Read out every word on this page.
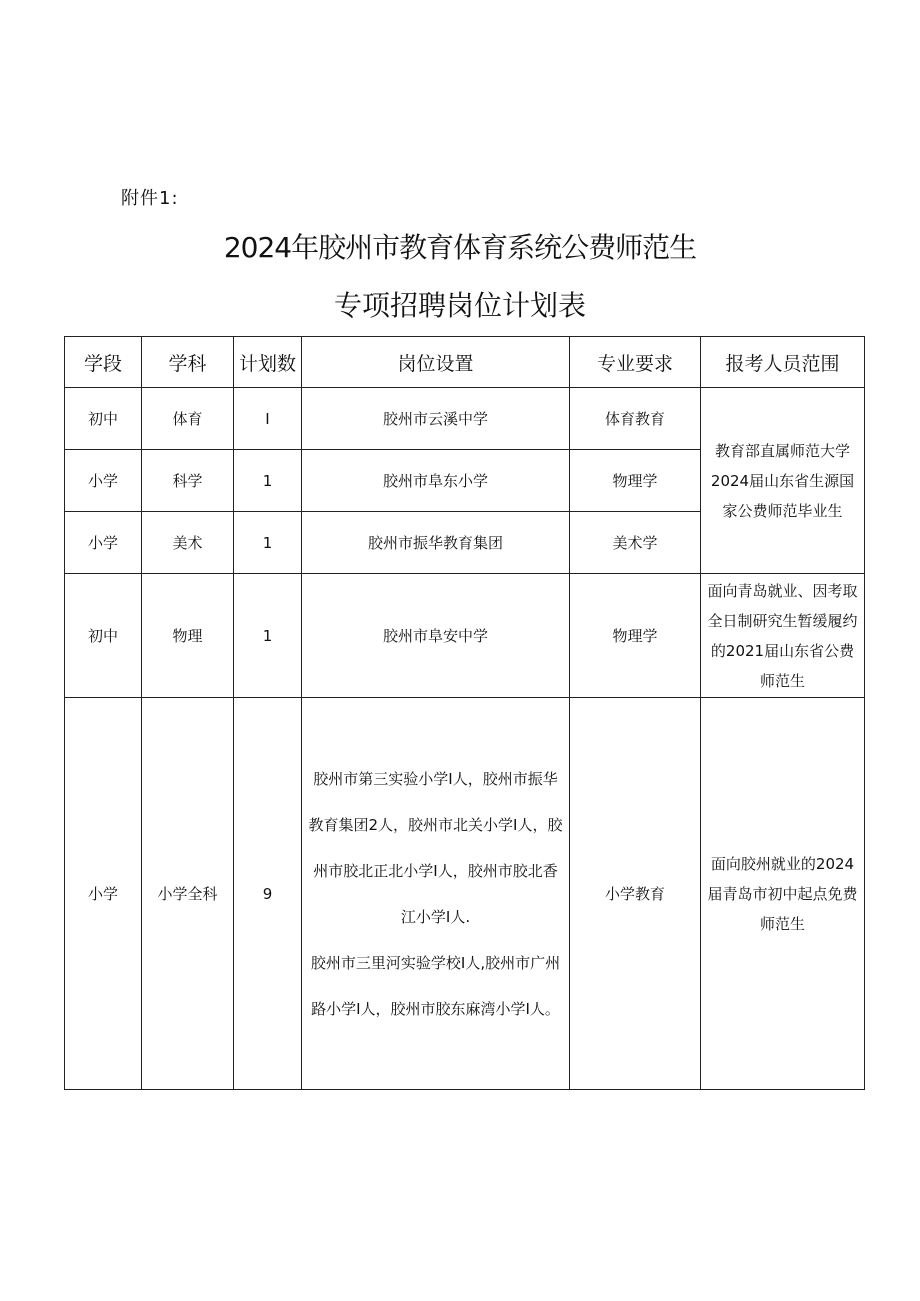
附件1:
2024年胶州市教育体育系统公费师范生
专项招聘岗位计划表
学段	学科	计划数	岗位设置	专业要求	报考人员范围
初中	体育	I	胶州市云溪中学	体育教育	教育部直属师范大学2024届山东省生源国家公费师范毕业生
小学	科学	1	胶州市阜东小学	物理学	
小学	美术	1	胶州市振华教育集团	美术学	
初中	物理	1	胶州市阜安中学	物理学	面向青岛就业、因考取全日制研究生暂缓履约的2021届山东省公费师范生
小学	小学全科	9	胶州市第三实验小学I人，胶州市振华教育集团2人，胶州市北关小学I人，胶州市胶北正北小学I人，胶州市胶北香江小学I人.
胶州市三里河实验学校I人,胶州市广州路小学I人，胶州市胶东麻湾小学I人。	小学教育	面向胶州就业的2024届青岛市初中起点免费师范生
